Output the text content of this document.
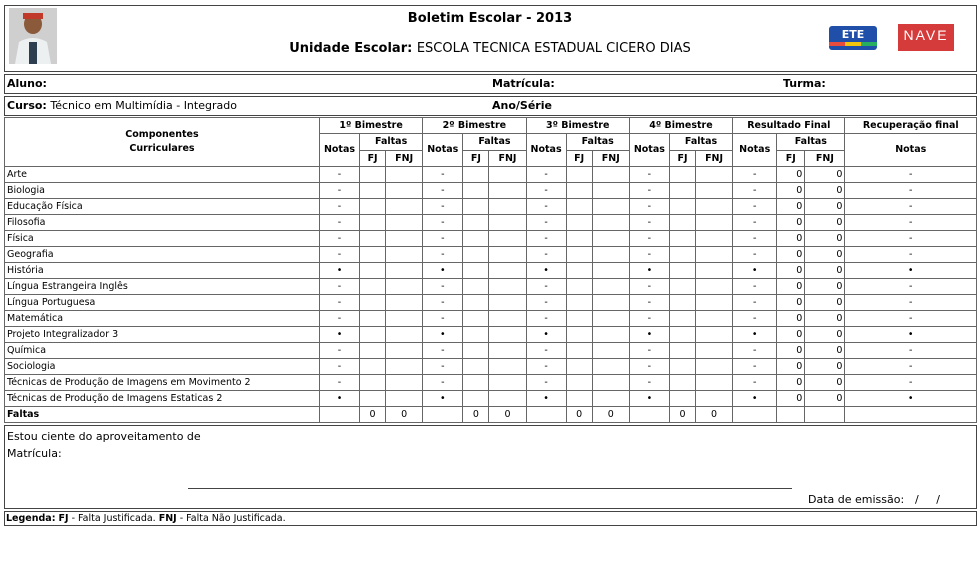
Boletim Escolar - 2013
Unidade Escolar: ESCOLA TECNICA ESTADUAL CICERO DIAS
ETE	NAVE
Aluno:	Matrícula:	Turma:
Curso: Técnico em Multimídia - Integrado	Ano/Série
Componentes
Curriculares	1º Bimestre			2º Bimestre			3º Bimestre			4º Bimestre			Resultado Final			Recuperação final
	Notas	Faltas		Notas	Faltas		Notas	Faltas		Notas	Faltas		Notas	Faltas		Notas
		FJ	FNJ		FJ	FNJ		FJ	FNJ		FJ	FNJ		FJ	FNJ	
Arte	-			-			-			-			-	0	0	-
Biologia	-			-			-			-			-	0	0	-
Educação Física	-			-			-			-			-	0	0	-
Filosofia	-			-			-			-			-	0	0	-
Física	-			-			-			-			-	0	0	-
Geografia	-			-			-			-			-	0	0	-
História	•			•			•			•			•	0	0	•
Língua Estrangeira Inglês	-			-			-			-			-	0	0	-
Língua Portuguesa	-			-			-			-			-	0	0	-
Matemática	-			-			-			-			-	0	0	-
Projeto Integralizador 3	•			•			•			•			•	0	0	•
Química	-			-			-			-			-	0	0	-
Sociologia	-			-			-			-			-	0	0	-
Técnicas de Produção de Imagens em Movimento 2	-			-			-			-			-	0	0	-
Técnicas de Produção de Imagens Estaticas 2	•			•			•			•			•	0	0	•
Faltas		0	0		0	0		0	0		0	0				
Estou ciente do aproveitamento de
Matrícula:
Data de emissão: /     /
Legenda: FJ - Falta Justificada. FNJ - Falta Não Justificada.
